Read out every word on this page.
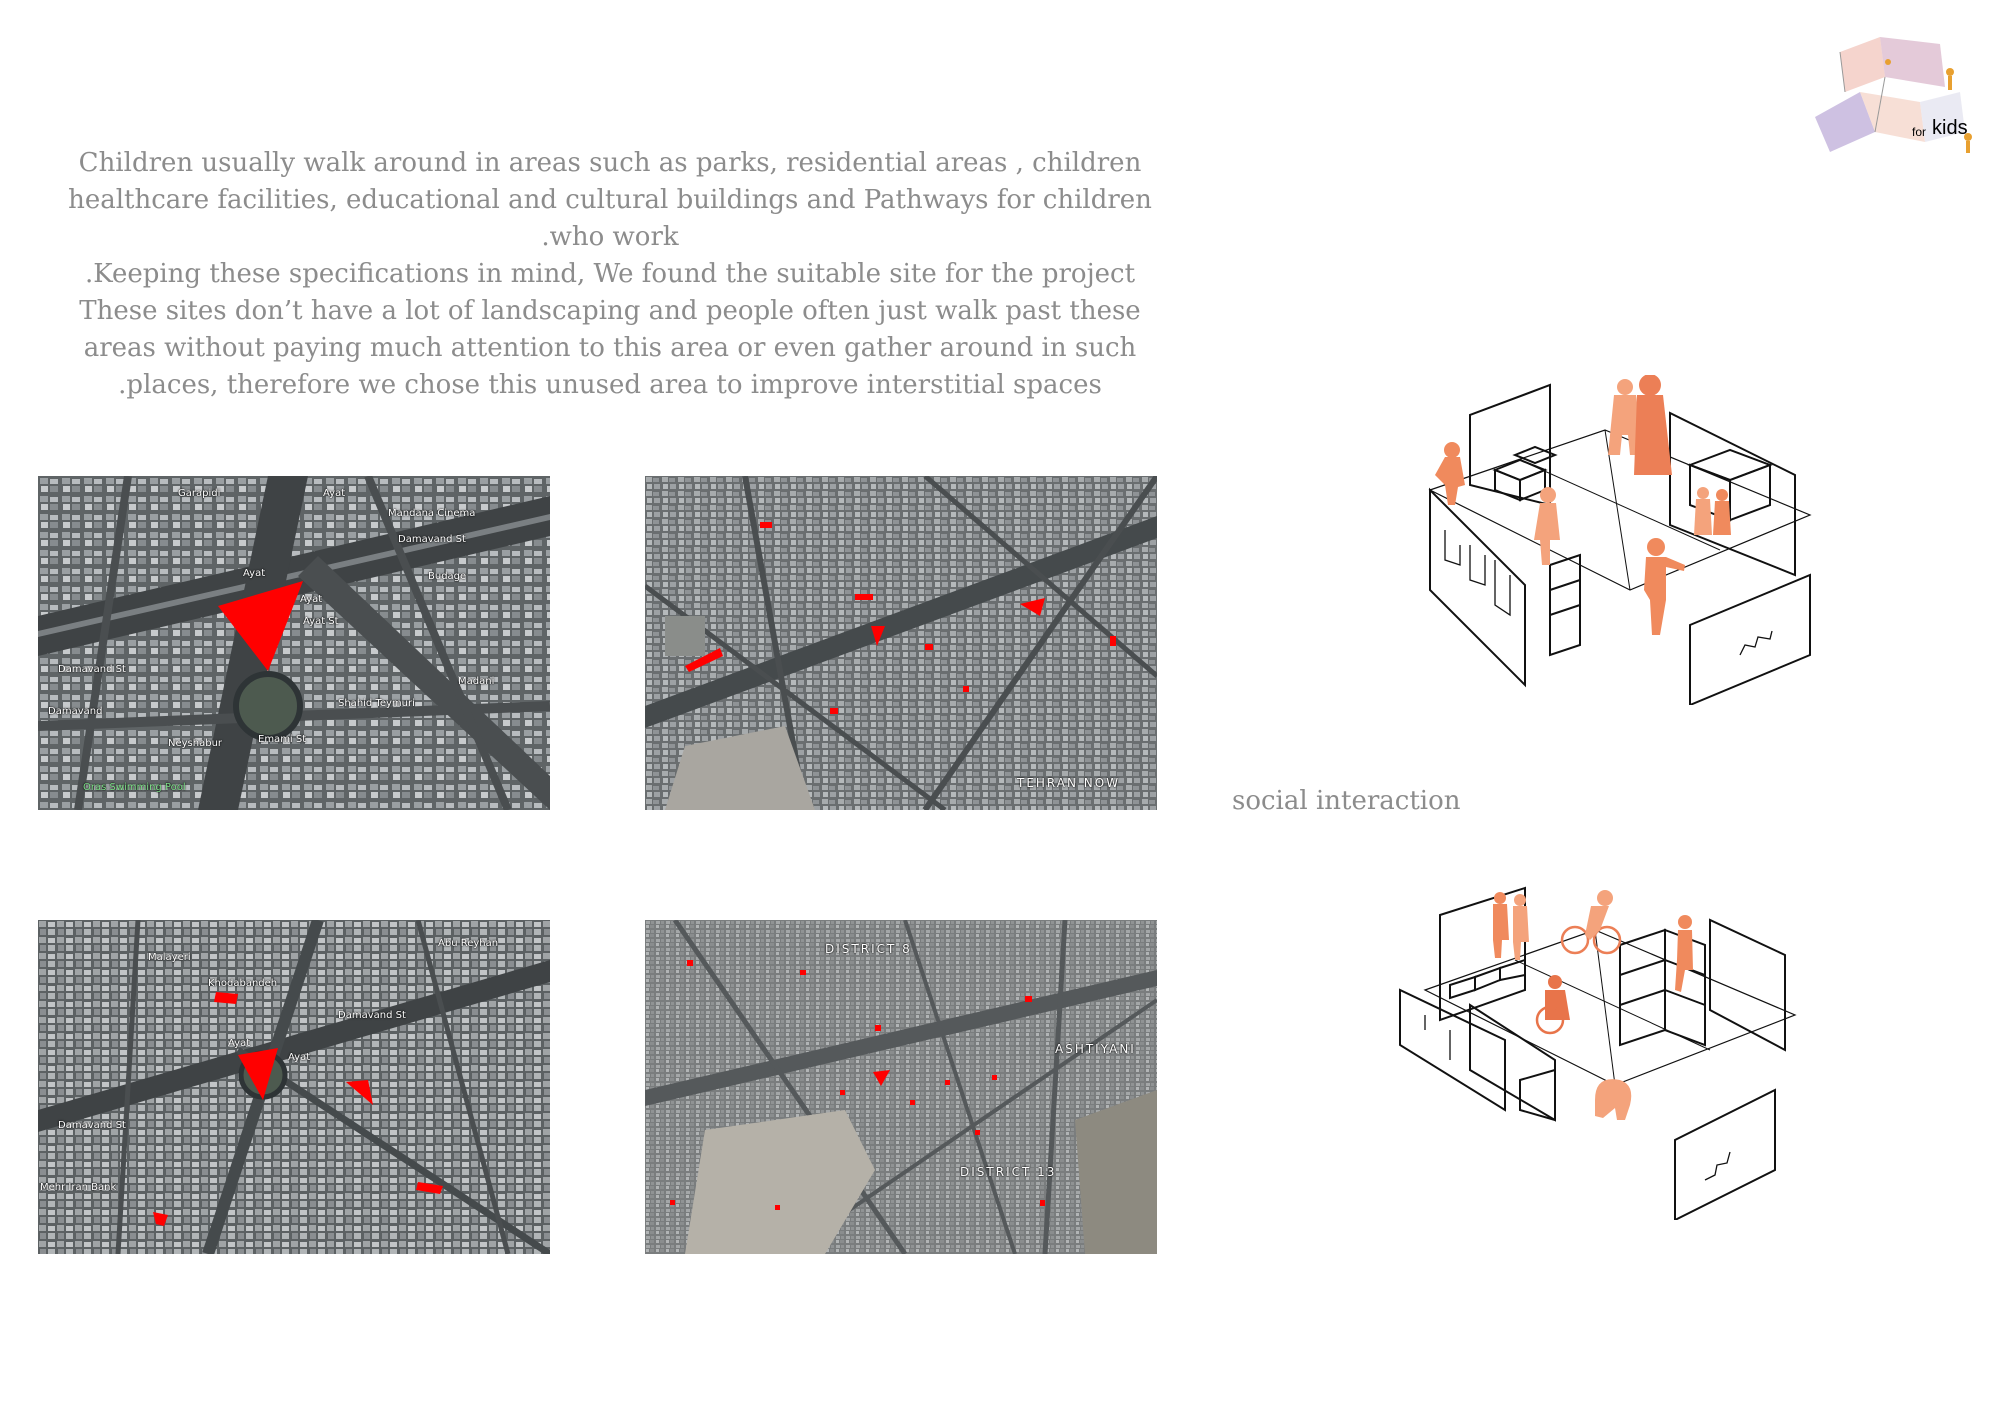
Children usually walk around in areas such as parks, residential areas , children

healthcare facilities, educational and cultural buildings and Pathways for children

.who work

.Keeping these specifications in mind, We found the suitable site for the project

These sites don’t have a lot of landscaping and people often just walk past these

areas without paying much attention to this area or even gather around in such

.places, therefore we chose this unused area to improve interstitial spaces

for kids
Garapidi	Ayat
Mandana Cinema
Damavand St
Damavand St
Ayat
Ayat
Budage
Shahid Teymuri
Madani
Neyshabur	Emami St
Oras Swimming Pool
Ayat St
Damavand
TEHRAN NOW
Abu Reyhan
Malayeri
Khodabandeh
Damavand St
Ayat
Ayat
Damavand St
Mehr Iran Bank
DISTRICT 8
ASHTIYANI
DISTRICT 13
social interaction
